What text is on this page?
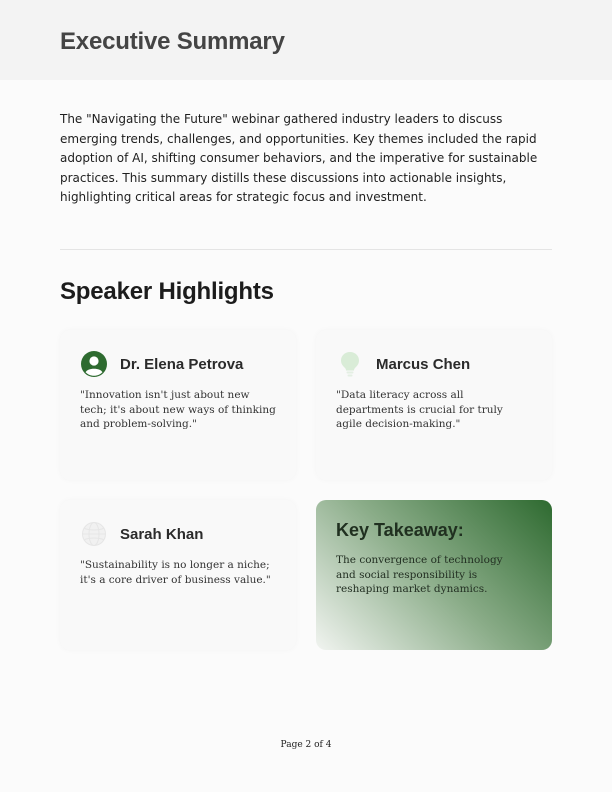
Executive Summary

The "Navigating the Future" webinar gathered industry leaders to discuss emerging trends, challenges, and opportunities. Key themes included the rapid adoption of AI, shifting consumer behaviors, and the imperative for sustainable practices. This summary distills these discussions into actionable insights, highlighting critical areas for strategic focus and investment.

Speaker Highlights
Dr. Elena Petrova

"Innovation isn't just about new tech; it's about new ways of thinking and problem-solving."

Marcus Chen

"Data literacy across all departments is crucial for truly agile decision-making."

Sarah Khan

"Sustainability is no longer a niche; it's a core driver of business value."

Key Takeaway:

The convergence of technology and social responsibility is reshaping market dynamics.

Page 2 of 4
